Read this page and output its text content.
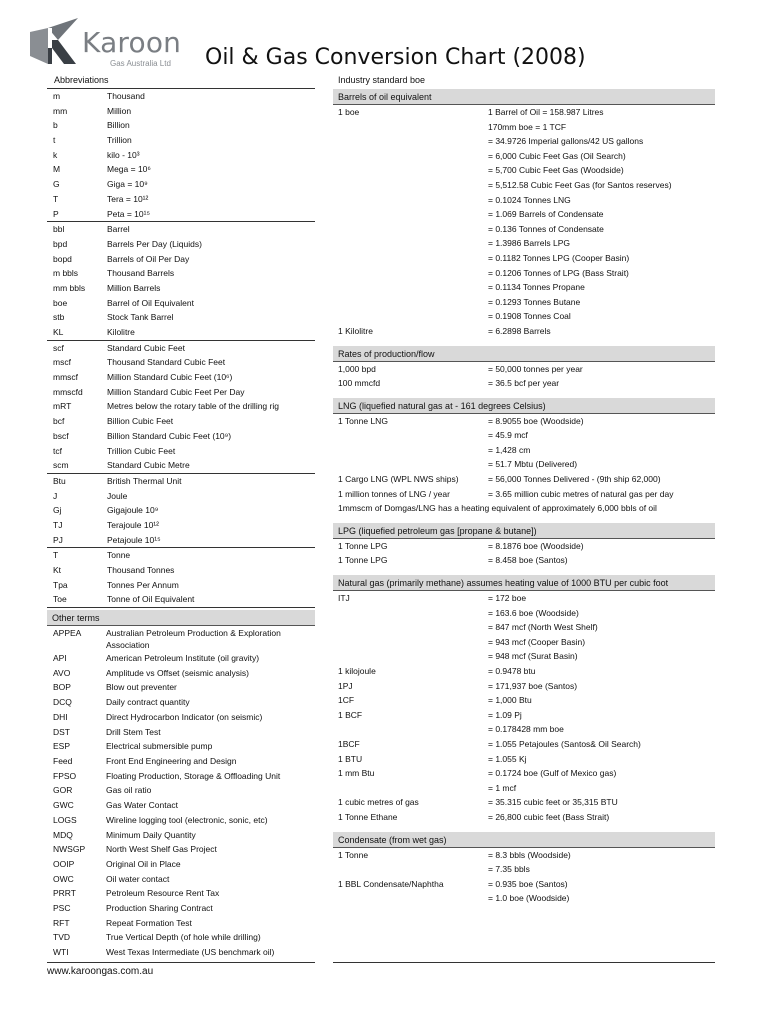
Karoon
Gas Australia Ltd Oil & Gas Conversion Chart (2008)
Abbreviations
m	Thousand
mm	Million
b	Billion
t	Trillion
k	kilo - 10³
M	Mega = 10⁶
G	Giga = 10⁹
T	Tera = 10¹²
P	Peta = 10¹⁵
bbl	Barrel
bpd	Barrels Per Day (Liquids)
bopd	Barrels of Oil Per Day
m bbls	Thousand Barrels
mm bbls	Million Barrels
boe	Barrel of Oil Equivalent
stb	Stock Tank Barrel
KL	Kilolitre
scf	Standard Cubic Feet
mscf	Thousand Standard Cubic Feet
mmscf	Million Standard Cubic Feet (10⁶)
mmscfd	Million Standard Cubic Feet Per Day
mRT	Metres below the rotary table of the drilling rig
bcf	Billion Cubic Feet
bscf	Billion Standard Cubic Feet (10⁹)
tcf	Trillion Cubic Feet
scm	Standard Cubic Metre
Btu	British Thermal Unit
J	Joule
Gj	Gigajoule 10⁹
TJ	Terajoule 10¹²
PJ	Petajoule 10¹⁵
T	Tonne
Kt	Thousand Tonnes
Tpa	Tonnes Per Annum
Toe	Tonne of Oil Equivalent
Other terms
APPEA	Australian Petroleum Production & Exploration Association
API	American Petroleum Institute (oil gravity)
AVO	Amplitude vs Offset (seismic analysis)
BOP	Blow out preventer
DCQ	Daily contract quantity
DHI	Direct Hydrocarbon Indicator (on seismic)
DST	Drill Stem Test
ESP	Electrical submersible pump
Feed	Front End Engineering and Design
FPSO	Floating Production, Storage & Offloading Unit
GOR	Gas oil ratio
GWC	Gas Water Contact
LOGS	Wireline logging tool (electronic, sonic, etc)
MDQ	Minimum Daily Quantity
NWSGP	North West Shelf Gas Project
OOIP	Original Oil in Place
OWC	Oil water contact
PRRT	Petroleum Resource Rent Tax
PSC	Production Sharing Contract
RFT	Repeat Formation Test
TVD	True Vertical Depth (of hole while drilling)
WTI	West Texas Intermediate (US benchmark oil)
Industry standard boe
Barrels of oil equivalent
1 boe	1 Barrel of Oil = 158.987 Litres
170mm boe = 1 TCF
= 34.9726 Imperial gallons/42 US gallons
= 6,000 Cubic Feet Gas (Oil Search)
= 5,700 Cubic Feet Gas (Woodside)
= 5,512.58 Cubic Feet Gas (for Santos reserves)
= 0.1024 Tonnes LNG
= 1.069 Barrels of Condensate
= 0.136 Tonnes of Condensate
= 1.3986 Barrels LPG
= 0.1182 Tonnes LPG (Cooper Basin)
= 0.1206 Tonnes of LPG (Bass Strait)
= 0.1134 Tonnes Propane
= 0.1293 Tonnes Butane
= 0.1908 Tonnes Coal
1 Kilolitre	= 6.2898 Barrels
Rates of production/flow
1,000 bpd	= 50,000 tonnes per year
100 mmcfd	= 36.5 bcf per year
LNG (liquefied natural gas at - 161 degrees Celsius)
1 Tonne LNG	= 8.9055 boe (Woodside)
= 45.9 mcf
= 1,428 cm
= 51.7 Mbtu (Delivered)
1 Cargo LNG (WPL NWS ships)	= 56,000 Tonnes Delivered - (9th ship 62,000)
1 million tonnes of LNG / year	= 3.65 million cubic metres of natural gas per day
1mmscm of Domgas/LNG has a heating equivalent of approximately 6,000 bbls of oil
LPG (liquefied petroleum gas [propane & butane])
1 Tonne LPG	= 8.1876 boe (Woodside)
1 Tonne LPG	= 8.458 boe (Santos)
Natural gas (primarily methane) assumes heating value of 1000 BTU per cubic foot
ITJ	= 172 boe
= 163.6 boe (Woodside)
= 847 mcf (North West Shelf)
= 943 mcf (Cooper Basin)
= 948 mcf (Surat Basin)
1 kilojoule	= 0.9478 btu
1PJ	= 171,937 boe (Santos)
1CF	= 1,000 Btu
1 BCF	= 1.09 Pj
= 0.178428 mm boe
1BCF	= 1.055 Petajoules (Santos& Oil Search)
1 BTU	= 1.055 Kj
1 mm Btu	= 0.1724 boe (Gulf of Mexico gas)
= 1 mcf
1 cubic metres of gas	= 35.315 cubic feet or 35,315 BTU
1 Tonne Ethane	= 26,800 cubic feet (Bass Strait)
Condensate (from wet gas)
1 Tonne	= 8.3 bbls (Woodside)
= 7.35 bbls
1 BBL Condensate/Naphtha	= 0.935 boe (Santos)
= 1.0 boe (Woodside)
www.karoongas.com.au
